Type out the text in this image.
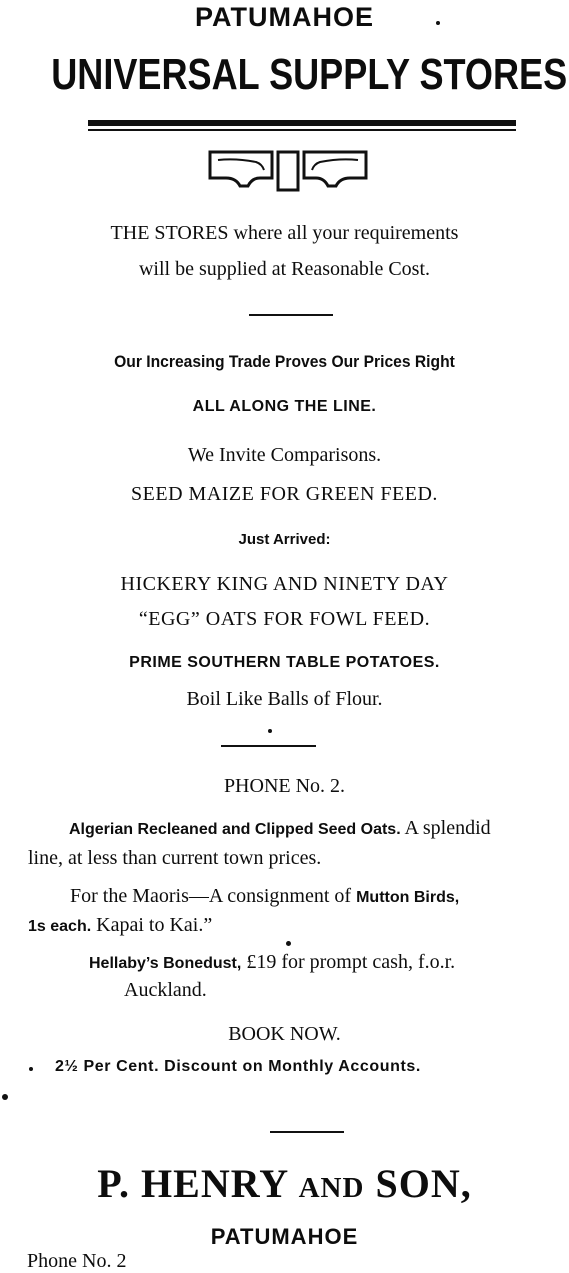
PATUMAHOE
UNIVERSAL SUPPLY STORES
THE STORES where all your requirements
will be supplied at Reasonable Cost.
Our Increasing Trade Proves Our Prices Right
ALL ALONG THE LINE.
We Invite Comparisons.
SEED MAIZE FOR GREEN FEED.
Just Arrived:
HICKERY KING AND NINETY DAY
“EGG” OATS FOR FOWL FEED.
PRIME SOUTHERN TABLE POTATOES.
Boil Like Balls of Flour.
PHONE No. 2.
Algerian Recleaned and Clipped Seed Oats. A splendid
line, at less than current town prices.
For the Maoris—A consignment of Mutton Birds,
1s each. Kapai to Kai.”
Hellaby’s Bonedust, £19 for prompt cash, f.o.r.
Auckland.
BOOK NOW.
2½ Per Cent. Discount on Monthly Accounts.
P. HENRY AND SON,
PATUMAHOE
Phone No. 2
